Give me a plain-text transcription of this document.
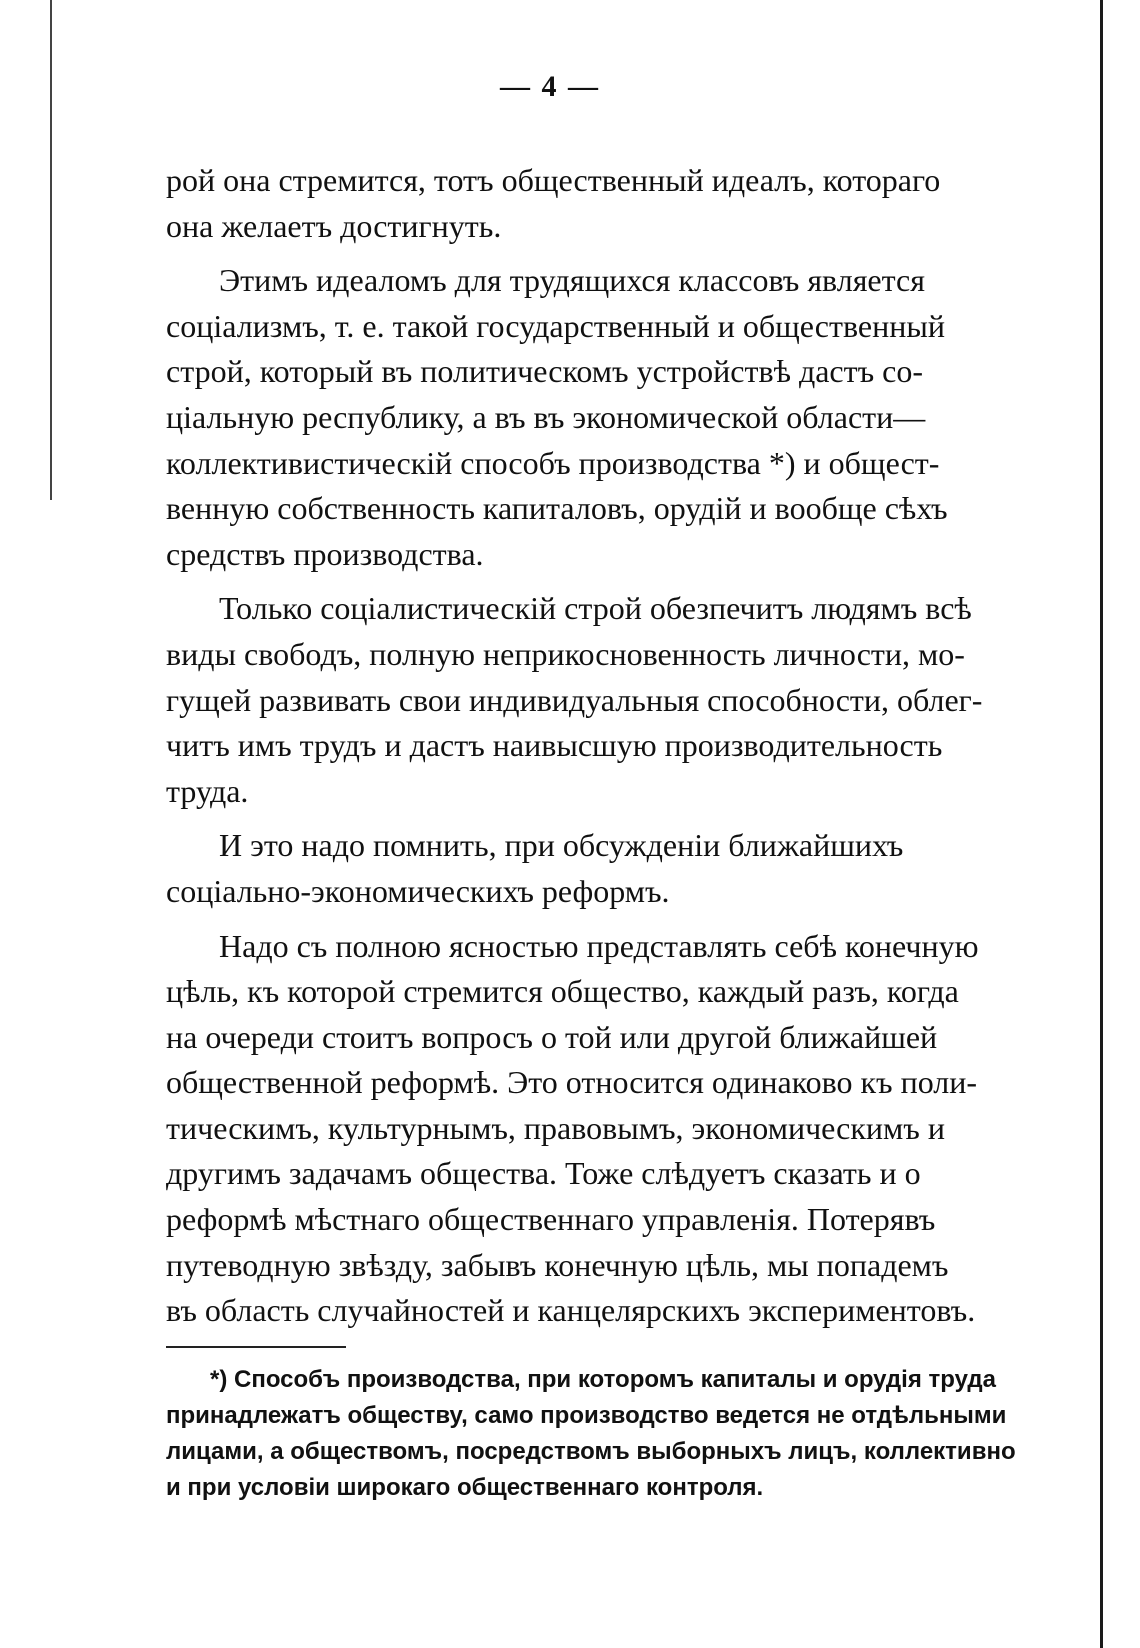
— 4 —
рой она стремится, тотъ общественный идеалъ, котораго
она желаетъ достигнуть.
Этимъ идеаломъ для трудящихся классовъ является
соціализмъ, т. е. такой государственный и общественный
строй, который въ политическомъ устройствѣ дастъ со-
ціальную республику, а въ въ экономической области—
коллективистическій способъ производства *) и общест-
венную собственность капиталовъ, орудій и вообще сѣхъ
средствъ производства.
Только соціалистическій строй обезпечитъ людямъ всѣ
виды свободъ, полную неприкосновенность личности, мо-
гущей развивать свои индивидуальныя способности, облег-
читъ имъ трудъ и дастъ наивысшую производительность
труда.
И это надо помнить, при обсужденіи ближайшихъ
соціально-экономическихъ реформъ.
Надо съ полною ясностью представлять себѣ конечную
цѣль, къ которой стремится общество, каждый разъ, когда
на очереди стоитъ вопросъ о той или другой ближайшей
общественной реформѣ. Это относится одинаково къ поли-
тическимъ, культурнымъ, правовымъ, экономическимъ и
другимъ задачамъ общества. Тоже слѣдуетъ сказать и о
реформѣ мѣстнаго общественнаго управленія. Потерявъ
путеводную звѣзду, забывъ конечную цѣль, мы попадемъ
въ область случайностей и канцелярскихъ экспериментовъ.
*) Способъ производства, при которомъ капиталы и орудія труда
принадлежатъ обществу, само производство ведется не отдѣльными
лицами, а обществомъ, посредствомъ выборныхъ лицъ, коллективно
и при условіи широкаго общественнаго контроля.
